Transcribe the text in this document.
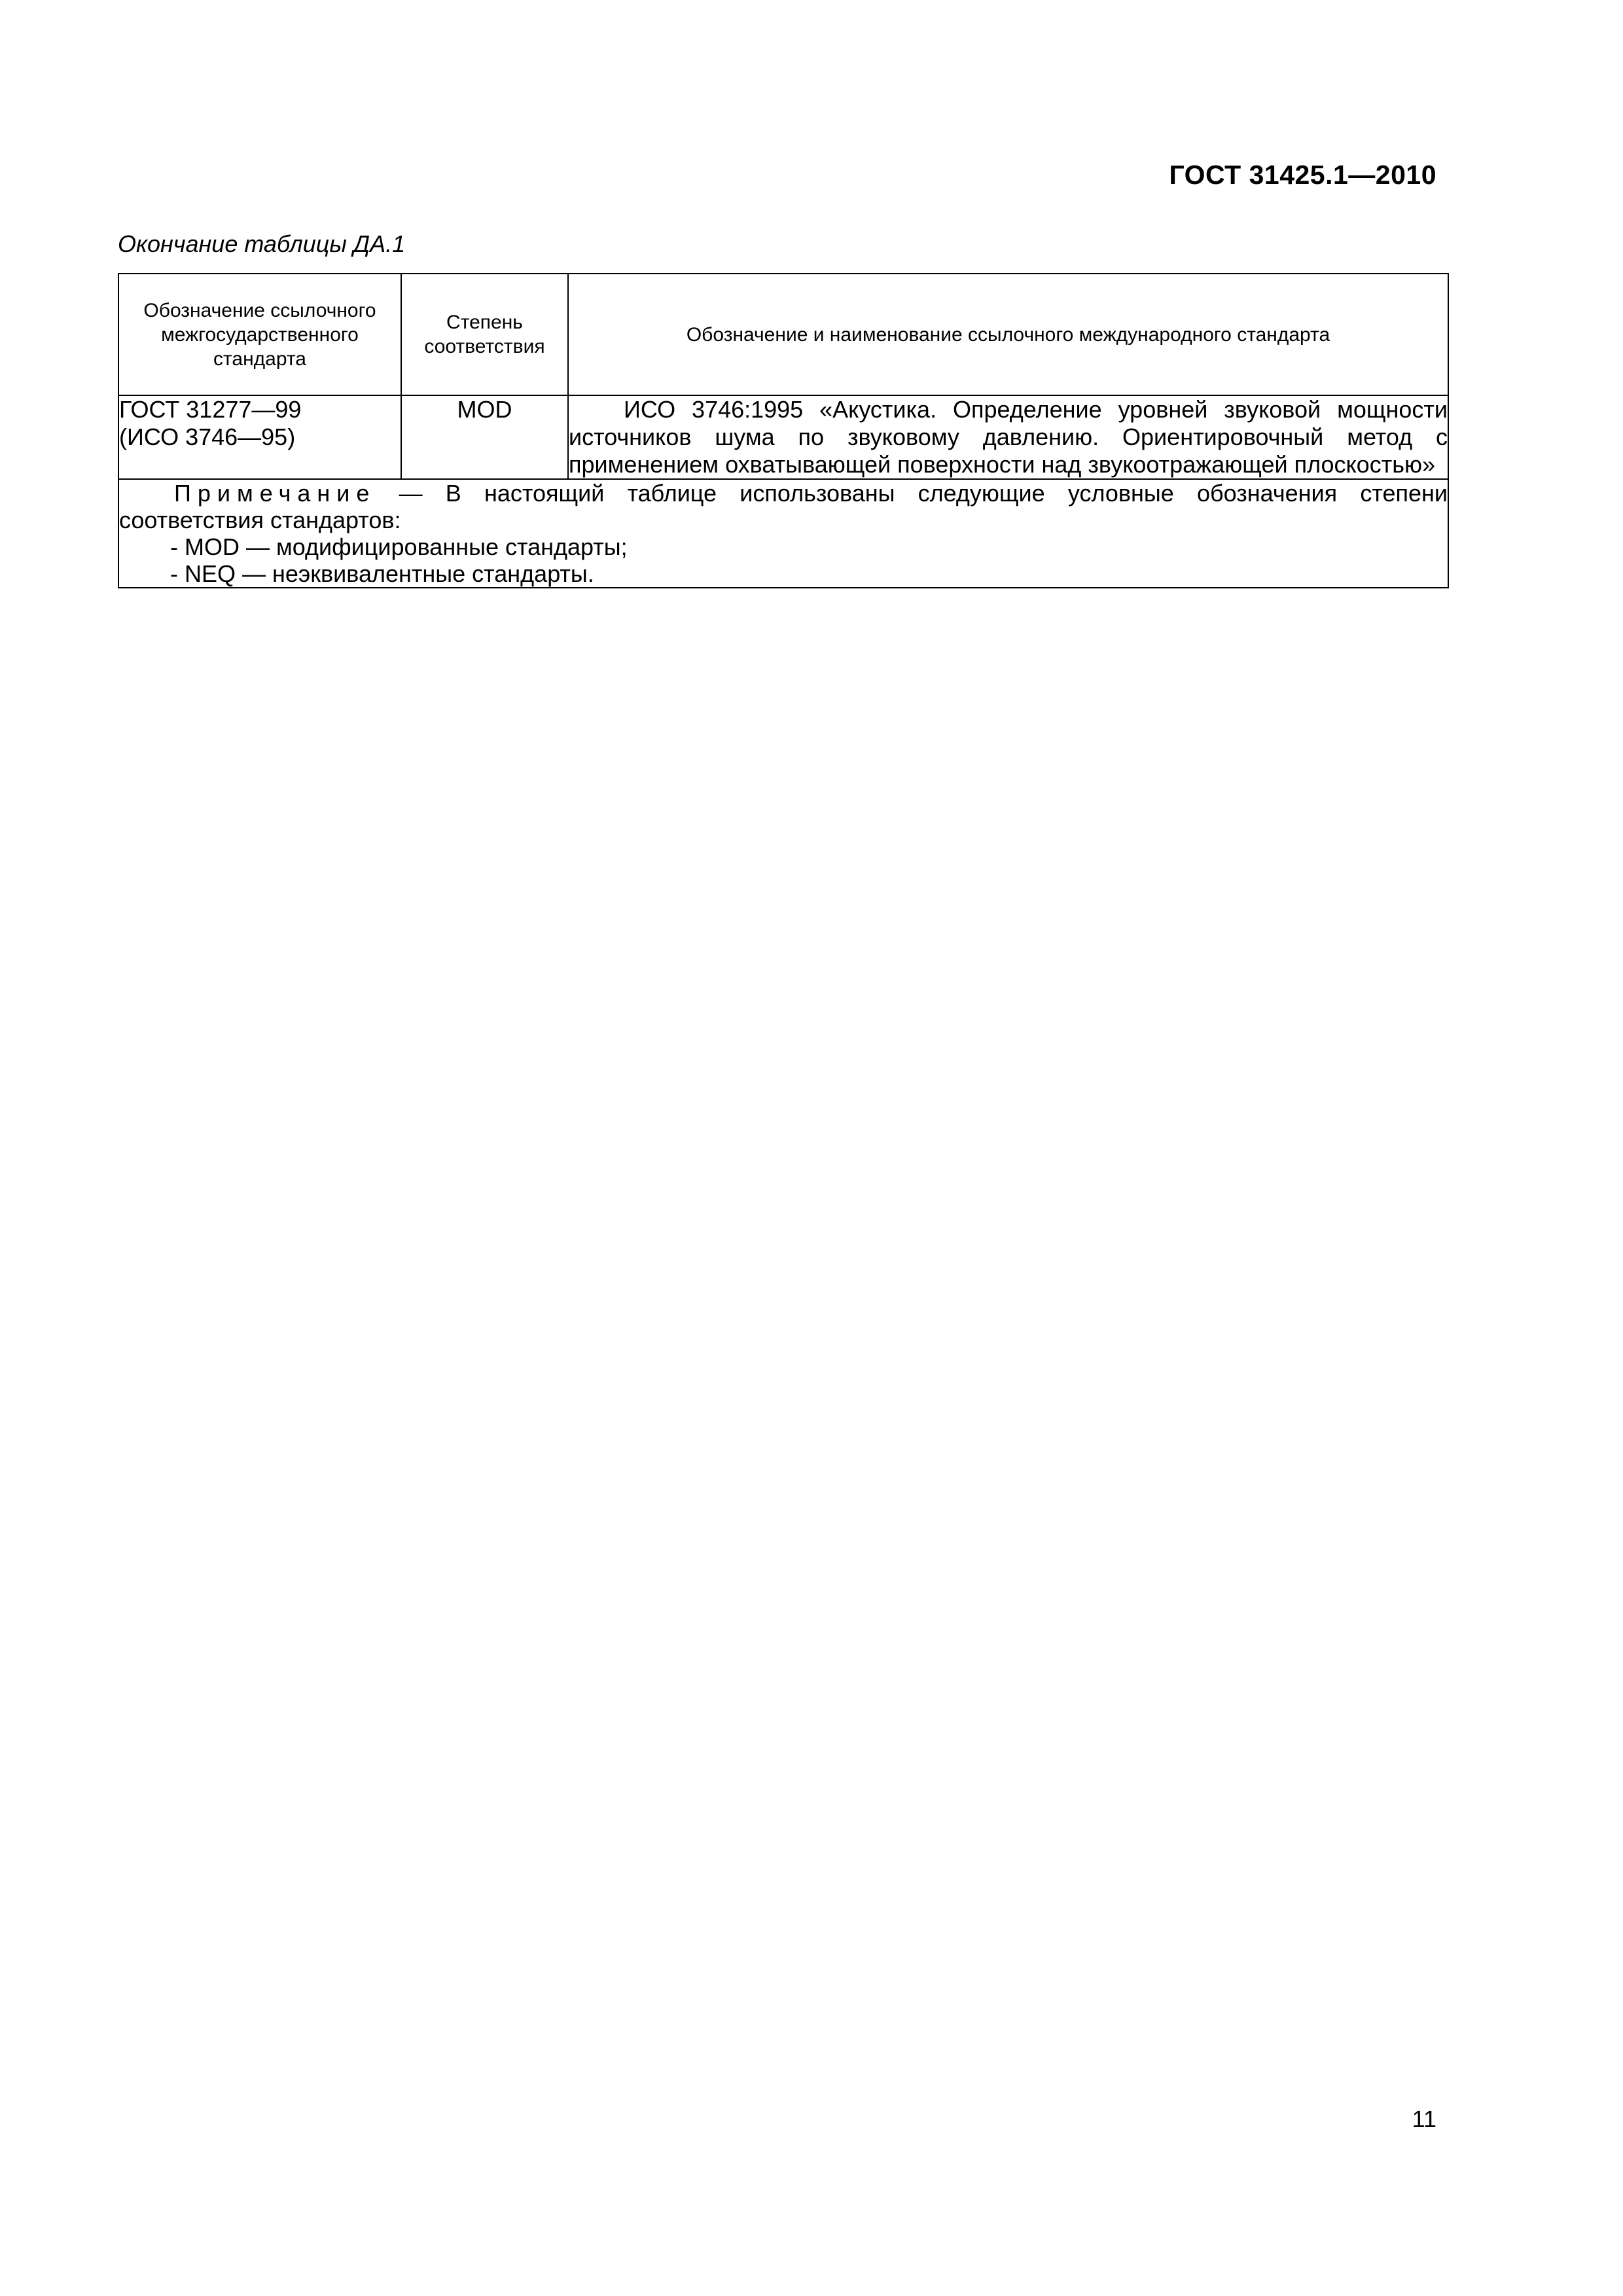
ГОСТ 31425.1—2010
Окончание таблицы ДА.1
Обозначение ссылочного межгосударственного стандарта	Степень соответствия	Обозначение и наименование ссылочного международного стандарта

ГОСТ 31277—99
(ИСО 3746—95)	MOD	ИСО 3746:1995 «Акустика. Определение уровней звуковой мощности источников шума по звуковому давлению. Ориентировочный метод с применением охватывающей поверхности над звукоотражающей плоскостью»

Примечание — В настоящий таблице использованы следующие условные обозначения степени соответствия стандартов:
- MOD — модифицированные стандарты;
- NEQ — неэквивалентные стандарты.		
11
